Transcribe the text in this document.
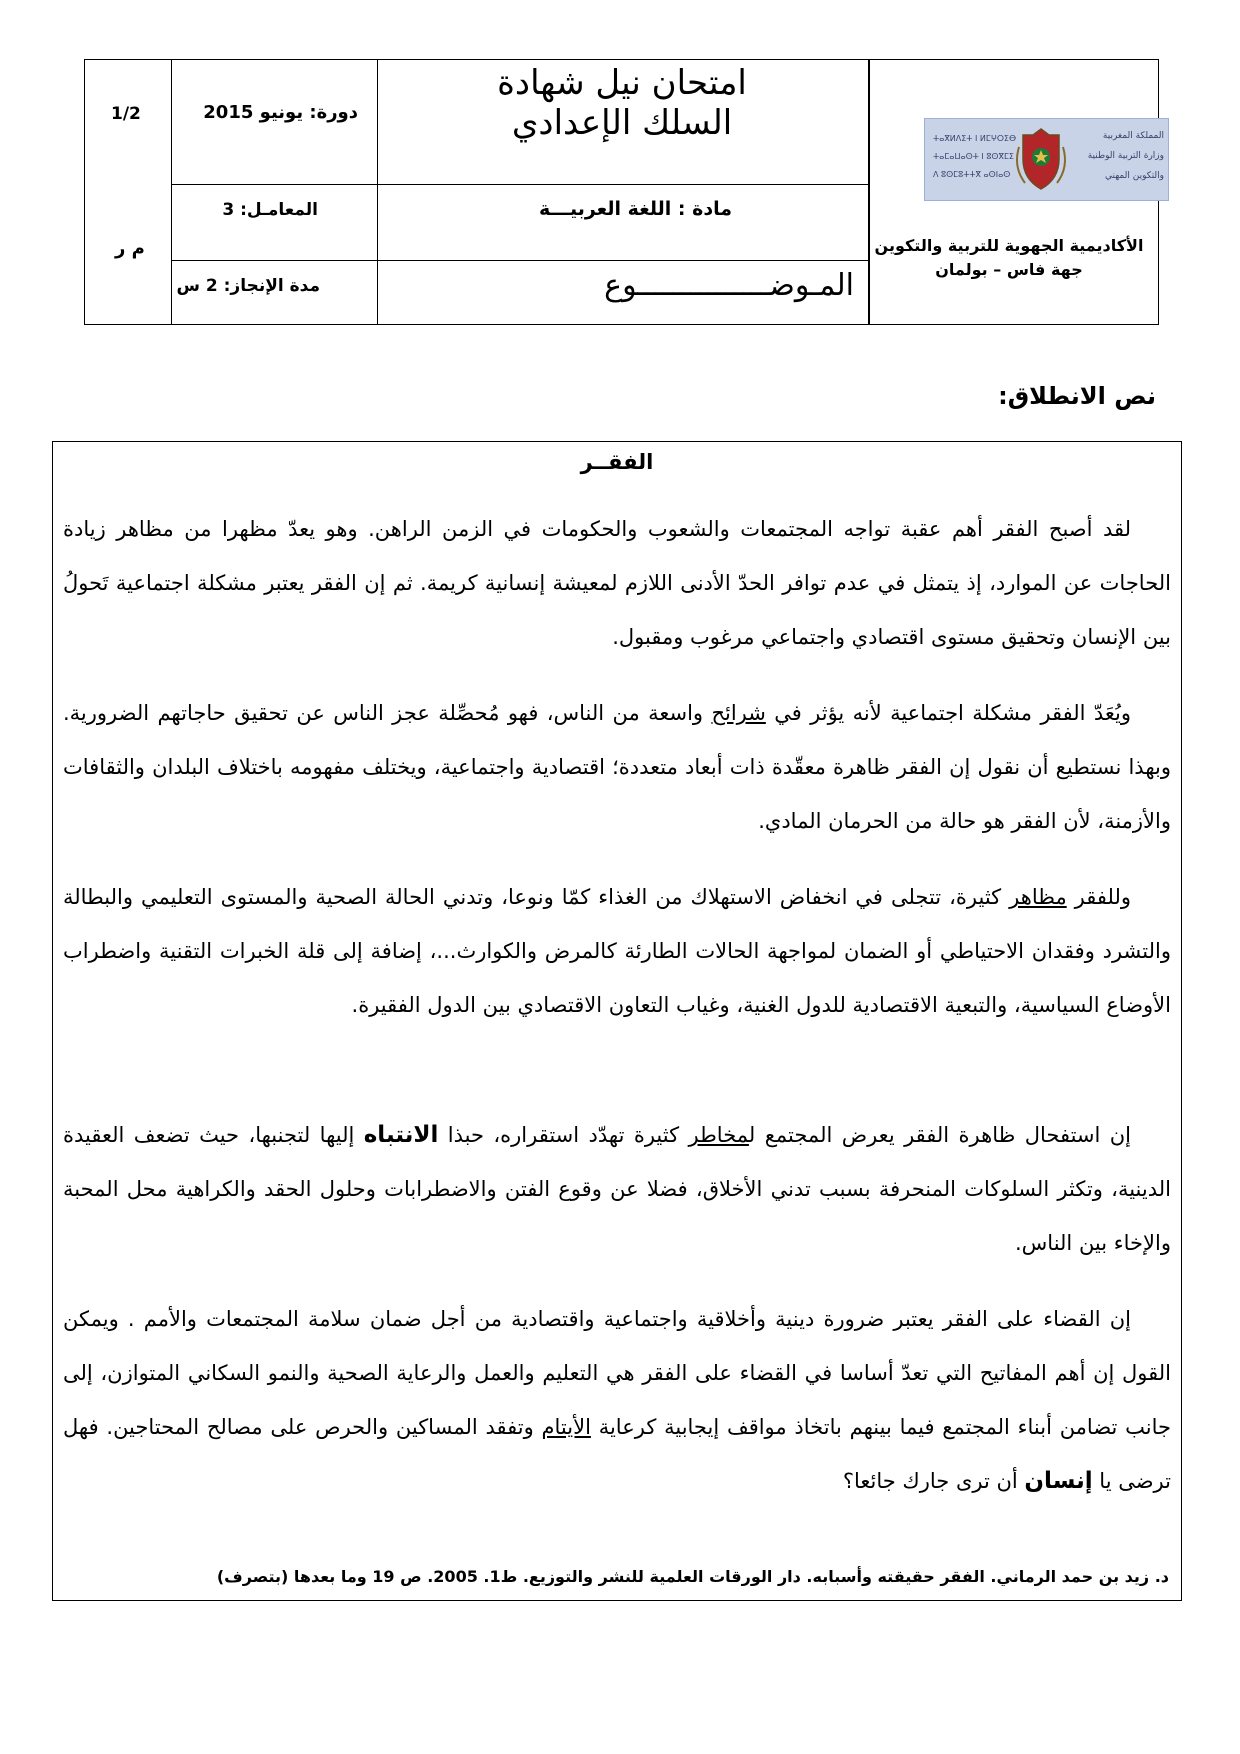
1/2
م ر
دورة: يونيو 2015
المعامـل: 3
مدة الإنجاز: 2 س
امتحان نيل شهادة
السلك الإعدادي
مادة : اللغة العربيـــة
المـوضـــــــــــــــوع
ⵜⴰⴳⵍⴷⵉⵜ ⵏ ⵍⵎⵖⵔⵉⴱ
ⵜⴰⵎⴰⵡⴰⵙⵜ ⵏ ⵓⵙⴳⵎⵉ
ⴷ ⵓⵙⵎⵓⵜⵜⴳ ⴰⵙⵏⴰⵙ
المملكة المغربية
وزارة التربية الوطنية
والتكوين المهني
الأكاديمية الجهوية للتربية والتكوين
جهة فاس – بولمان
نص الانطلاق:
الفقــر
لقد أصبح الفقر أهم عقبة تواجه المجتمعات والشعوب والحكومات في الزمن الراهن. وهو يعدّ مظهرا من مظاهر زيادة الحاجات عن الموارد، إذ يتمثل في عدم توافر الحدّ الأدنى اللازم لمعيشة إنسانية كريمة. ثم إن الفقر يعتبر مشكلة اجتماعية تَحولُ بين الإنسان وتحقيق مستوى اقتصادي واجتماعي مرغوب ومقبول.
ويُعَدّ الفقر مشكلة اجتماعية لأنه يؤثر في شرائح واسعة من الناس، فهو مُحصِّلة عجز الناس عن تحقيق حاجاتهم الضرورية. وبهذا نستطيع أن نقول إن الفقر ظاهرة معقّدة ذات أبعاد متعددة؛ اقتصادية واجتماعية، ويختلف مفهومه باختلاف البلدان والثقافات والأزمنة، لأن الفقر هو حالة من الحرمان المادي.
وللفقر مظاهر كثيرة، تتجلى في انخفاض الاستهلاك من الغذاء كمّا ونوعا، وتدني الحالة الصحية والمستوى التعليمي والبطالة والتشرد وفقدان الاحتياطي أو الضمان لمواجهة الحالات الطارئة كالمرض والكوارث...، إضافة إلى قلة الخبرات التقنية واضطراب الأوضاع السياسية، والتبعية الاقتصادية للدول الغنية، وغياب التعاون الاقتصادي بين الدول الفقيرة.
إن استفحال ظاهرة الفقر يعرض المجتمع لمخاطر كثيرة تهدّد استقراره، حبذا الانتباه إليها لتجنبها، حيث تضعف العقيدة الدينية، وتكثر السلوكات المنحرفة بسبب تدني الأخلاق، فضلا عن وقوع الفتن والاضطرابات وحلول الحقد والكراهية محل المحبة والإخاء بين الناس.
إن القضاء على الفقر يعتبر ضرورة دينية وأخلاقية واجتماعية واقتصادية من أجل ضمان سلامة المجتمعات والأمم . ويمكن القول إن أهم المفاتيح التي تعدّ أساسا في القضاء على الفقر هي التعليم والعمل والرعاية الصحية والنمو السكاني المتوازن، إلى جانب تضامن أبناء المجتمع فيما بينهم باتخاذ مواقف إيجابية كرعاية الأيتام وتفقد المساكين والحرص على مصالح المحتاجين. فهل ترضى يا إنسان أن ترى جارك جائعا؟
د. زيد بن حمد الرماني. الفقر حقيقته وأسبابه. دار الورقات العلمية للنشر والتوزيع. ط1. 2005. ص 19 وما بعدها (بتصرف)
